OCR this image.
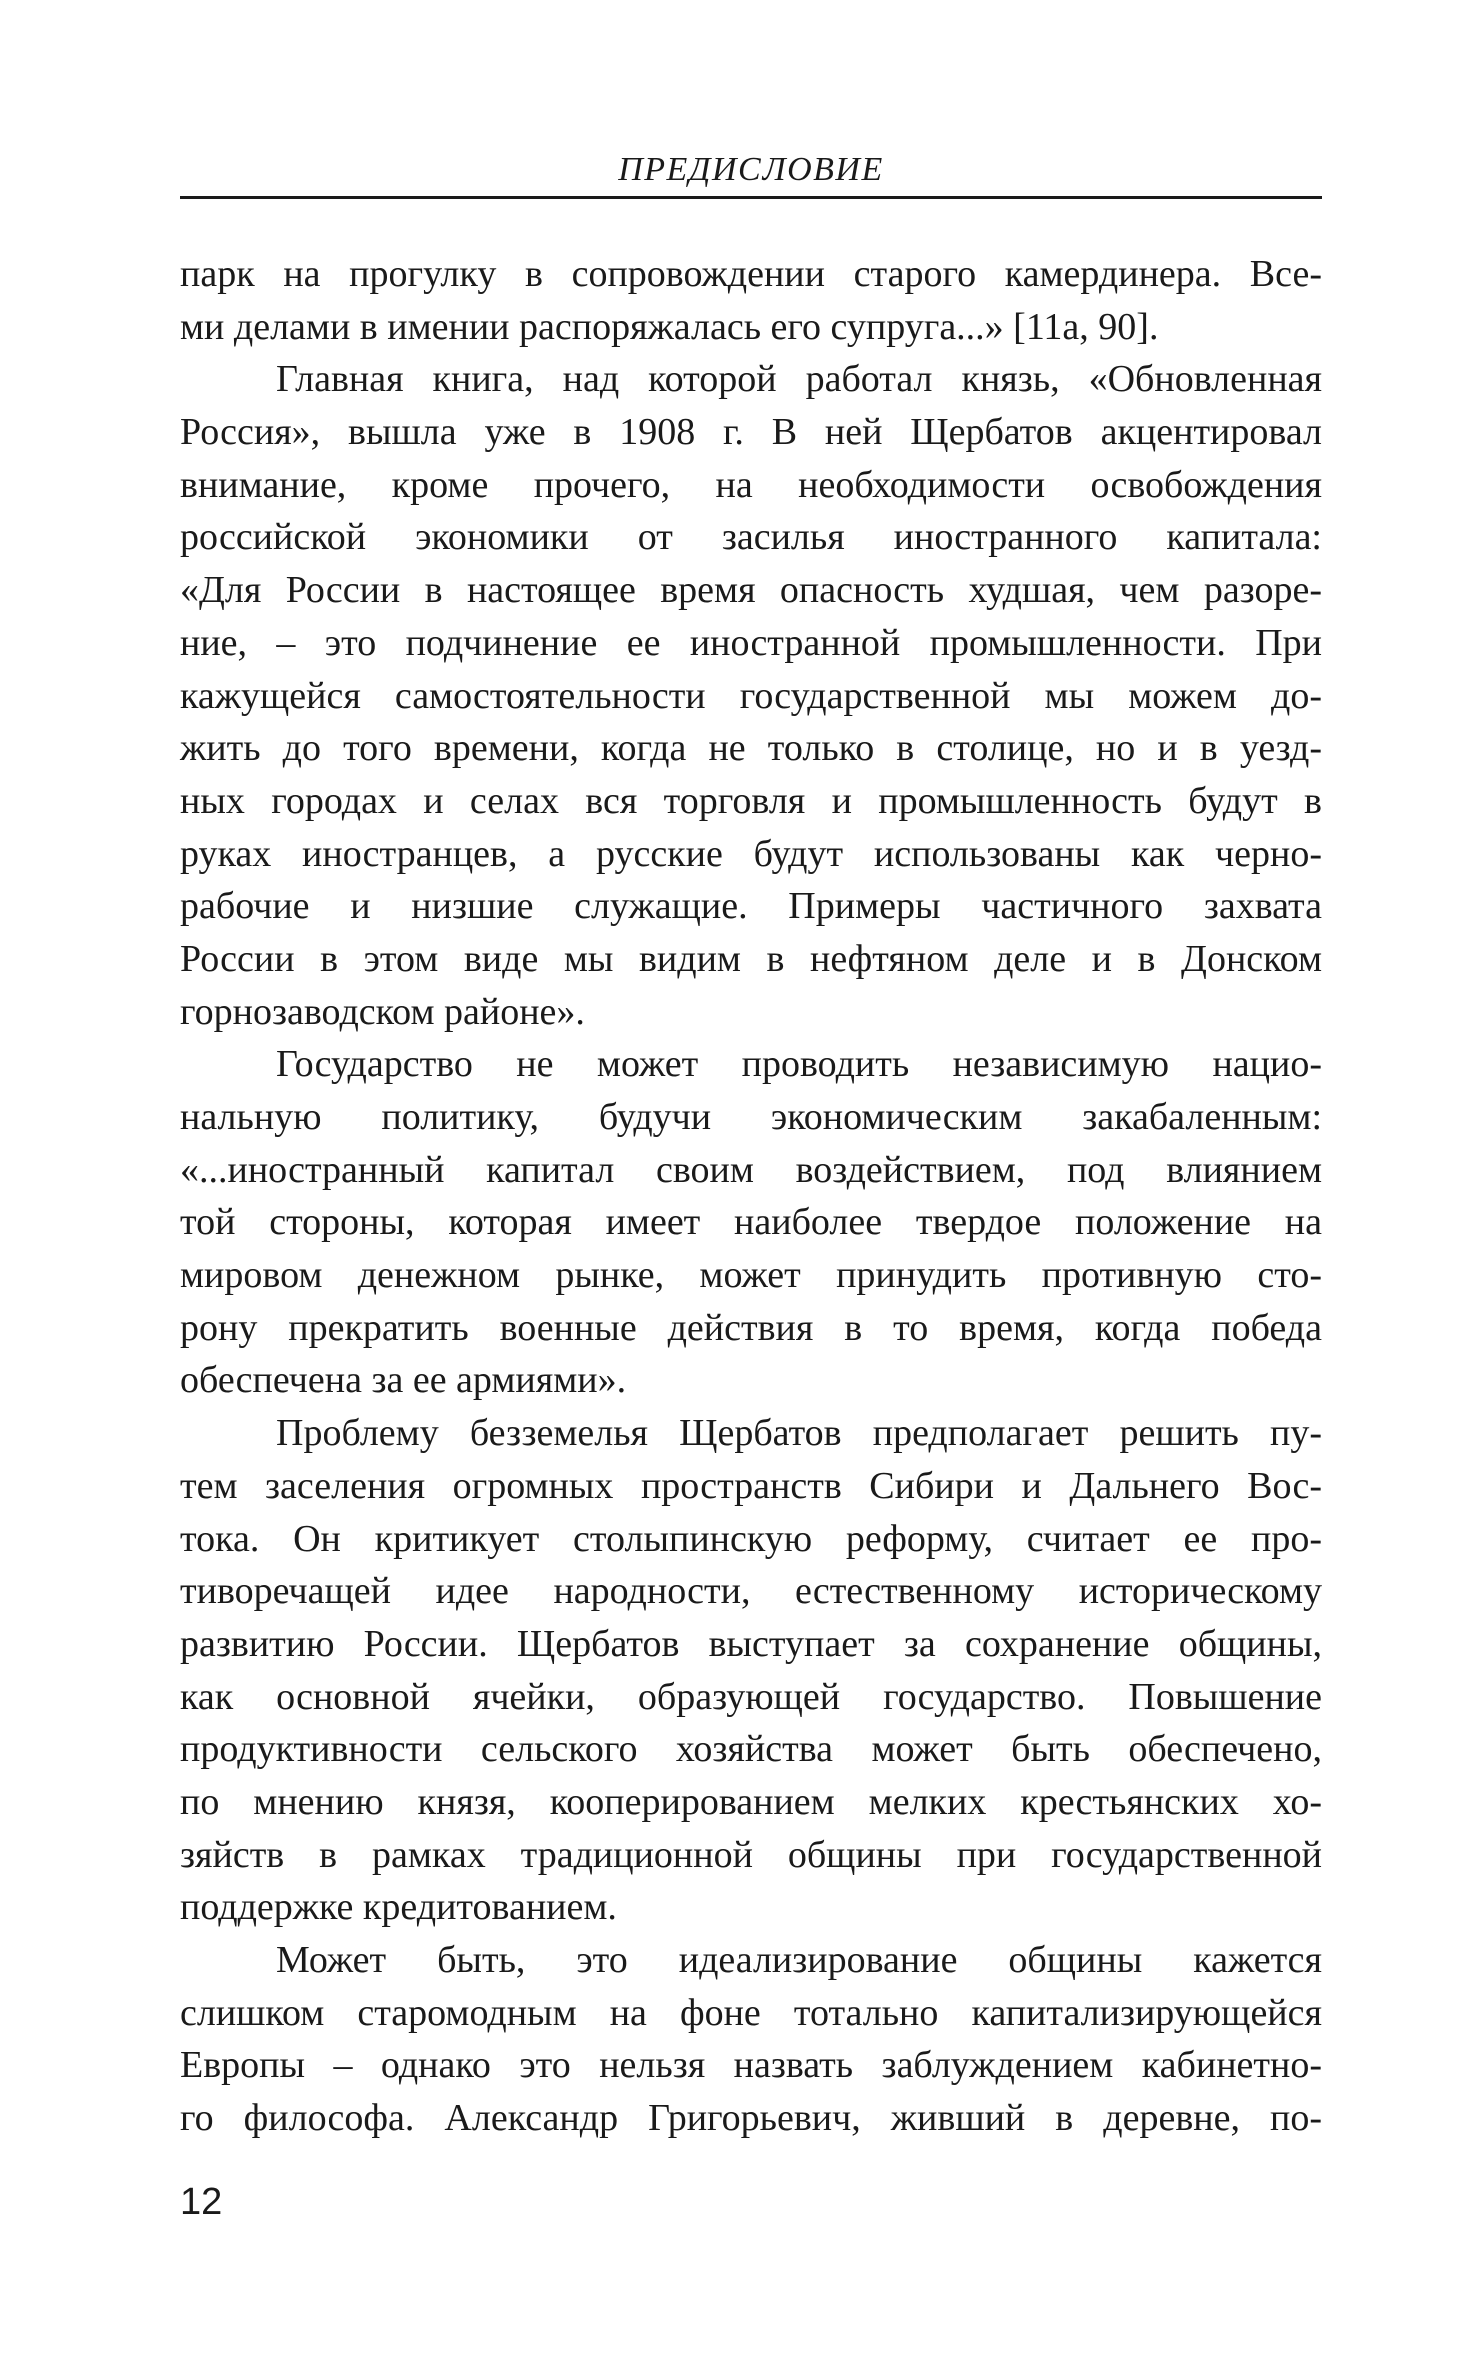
ПРЕДИСЛОВИЕ
парк на прогулку в сопровождении старого камердинера. Все-
ми делами в имении распоряжалась его супруга...» [11a, 90].
Главная книга, над которой работал князь, «Обновленная
Россия», вышла уже в 1908 г. В ней Щербатов акцентировал
внимание, кроме прочего, на необходимости освобождения
российской экономики от засилья иностранного капитала:
«Для России в настоящее время опасность худшая, чем разоре-
ние, – это подчинение ее иностранной промышленности. При
кажущейся самостоятельности государственной мы можем до-
жить до того времени, когда не только в столице, но и в уезд-
ных городах и селах вся торговля и промышленность будут в
руках иностранцев, а русские будут использованы как черно-
рабочие и низшие служащие. Примеры частичного захвата
России в этом виде мы видим в нефтяном деле и в Донском
горнозаводском районе».
Государство не может проводить независимую нацио-
нальную политику, будучи экономическим закабаленным:
«...иностранный капитал своим воздействием, под влиянием
той стороны, которая имеет наиболее твердое положение на
мировом денежном рынке, может принудить противную сто-
рону прекратить военные действия в то время, когда победа
обеспечена за ее армиями».
Проблему безземелья Щербатов предполагает решить пу-
тем заселения огромных пространств Сибири и Дальнего Вос-
тока. Он критикует столыпинскую реформу, считает ее про-
тиворечащей идее народности, естественному историческому
развитию России. Щербатов выступает за сохранение общины,
как основной ячейки, образующей государство. Повышение
продуктивности сельского хозяйства может быть обеспечено,
по мнению князя, кооперированием мелких крестьянских хо-
зяйств в рамках традиционной общины при государственной
поддержке кредитованием.
Может быть, это идеализирование общины кажется
слишком старомодным на фоне тотально капитализирующейся
Европы – однако это нельзя назвать заблуждением кабинетно-
го философа. Александр Григорьевич, живший в деревне, по-
12
